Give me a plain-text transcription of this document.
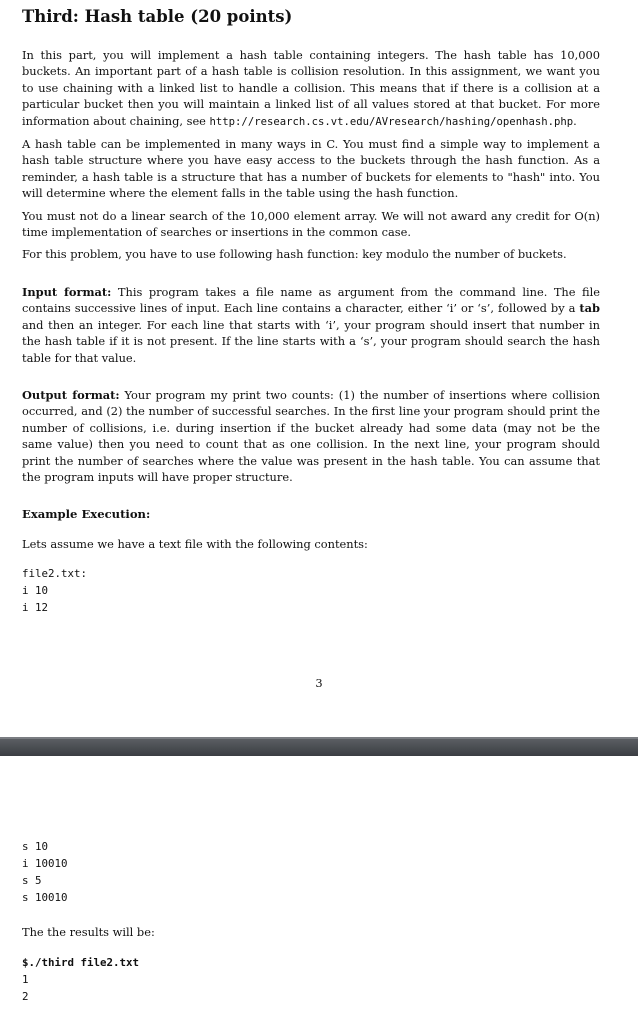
Third: Hash table (20 points)

In this part, you will implement a hash table containing integers. The hash table has 10,000 buckets. An important part of a hash table is collision resolution. In this assignment, we want you to use chaining with a linked list to handle a collision. This means that if there is a collision at a particular bucket then you will maintain a linked list of all values stored at that bucket. For more information about chaining, see http://research.cs.vt.edu/AVresearch/hashing/openhash.php.

A hash table can be implemented in many ways in C. You must find a simple way to implement a hash table structure where you have easy access to the buckets through the hash function. As a reminder, a hash table is a structure that has a number of buckets for elements to "hash" into. You will determine where the element falls in the table using the hash function.

You must not do a linear search of the 10,000 element array. We will not award any credit for O(n) time implementation of searches or insertions in the common case.

For this problem, you have to use following hash function: key modulo the number of buckets.

Input format: This program takes a file name as argument from the command line. The file contains successive lines of input. Each line contains a character, either ‘i’ or ‘s’, followed by a tab and then an integer. For each line that starts with ‘i’, your program should insert that number in the hash table if it is not present. If the line starts with a ‘s’, your program should search the hash table for that value.

Output format: Your program my print two counts: (1) the number of insertions where collision occurred, and (2) the number of successful searches. In the first line your program should print the number of collisions, i.e. during insertion if the bucket already had some data (may not be the same value) then you need to count that as one collision. In the next line, your program should print the number of searches where the value was present in the hash table. You can assume that the program inputs will have proper structure.

Example Execution:

Lets assume we have a text file with the following contents:

file2.txt:
i 10
i 12
3
s 10
i 10010
s 5
s 10010

The the results will be:

$./third file2.txt
1
2
